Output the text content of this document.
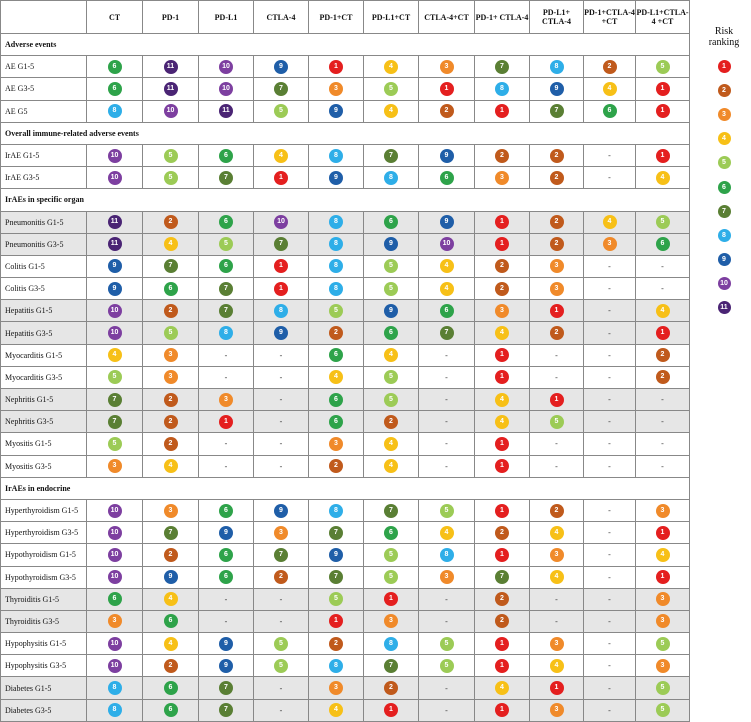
	CT	PD-1	PD-L1	CTLA-4	PD-1+CT	PD-L1+CT	CTLA-4+CT	PD-1+ CTLA-4	PD-L1+ CTLA-4	PD-1+CTLA-4 +CT	PD-L1+CTLA- 4 +CT
Adverse events											
AE G1-5	6	11	10	9	1	4	3	7	8	2	5
AE G3-5	6	11	10	7	3	5	1	8	9	4	1
AE G5	8	10	11	5	9	4	2	1	7	6	1
Overall immune-related adverse events											
IrAE G1-5	10	5	6	4	8	7	9	2	2	-	1
IrAE G3-5	10	5	7	1	9	8	6	3	2	-	4
IrAEs in specific organ											
Pneumonitis G1-5	11	2	6	10	8	6	9	1	2	4	5
Pneumonitis G3-5	11	4	5	7	8	9	10	1	2	3	6
Colitis G1-5	9	7	6	1	8	5	4	2	3	-	-
Colitis G3-5	9	6	7	1	8	5	4	2	3	-	-
Hepatitis G1-5	10	2	7	8	5	9	6	3	1	-	4
Hepatitis G3-5	10	5	8	9	2	6	7	4	2	-	1
Myocarditis G1-5	4	3	-	-	6	4	-	1	-	-	2
Myocarditis G3-5	5	3	-	-	4	5	-	1	-	-	2
Nephritis G1-5	7	2	3	-	6	5	-	4	1	-	-
Nephritis G3-5	7	2	1	-	6	2	-	4	5	-	-
Myositis G1-5	5	2	-	-	3	4	-	1	-	-	-
Myositis G3-5	3	4	-	-	2	4	-	1	-	-	-
IrAEs in endocrine											
Hyperthyroidism G1-5	10	3	6	9	8	7	5	1	2	-	3
Hyperthyroidism G3-5	10	7	9	3	7	6	4	2	4	-	1
Hypothyroidism G1-5	10	2	6	7	9	5	8	1	3	-	4
Hypothyroidism G3-5	10	9	6	2	7	5	3	7	4	-	1
Thyroiditis G1-5	6	4	-	-	5	1	-	2	-	-	3
Thyroiditis G3-5	3	6	-	-	1	3	-	2	-	-	3
Hypophysitis G1-5	10	4	9	5	2	8	5	1	3	-	5
Hypophysitis G3-5	10	2	9	5	8	7	5	1	4	-	3
Diabetes G1-5	8	6	7	-	3	2	-	4	1	-	5
Diabetes G3-5	8	6	7	-	4	1	-	1	3	-	5
Risk
ranking
1
2
3
4
5
6
7
8
9
10
11
